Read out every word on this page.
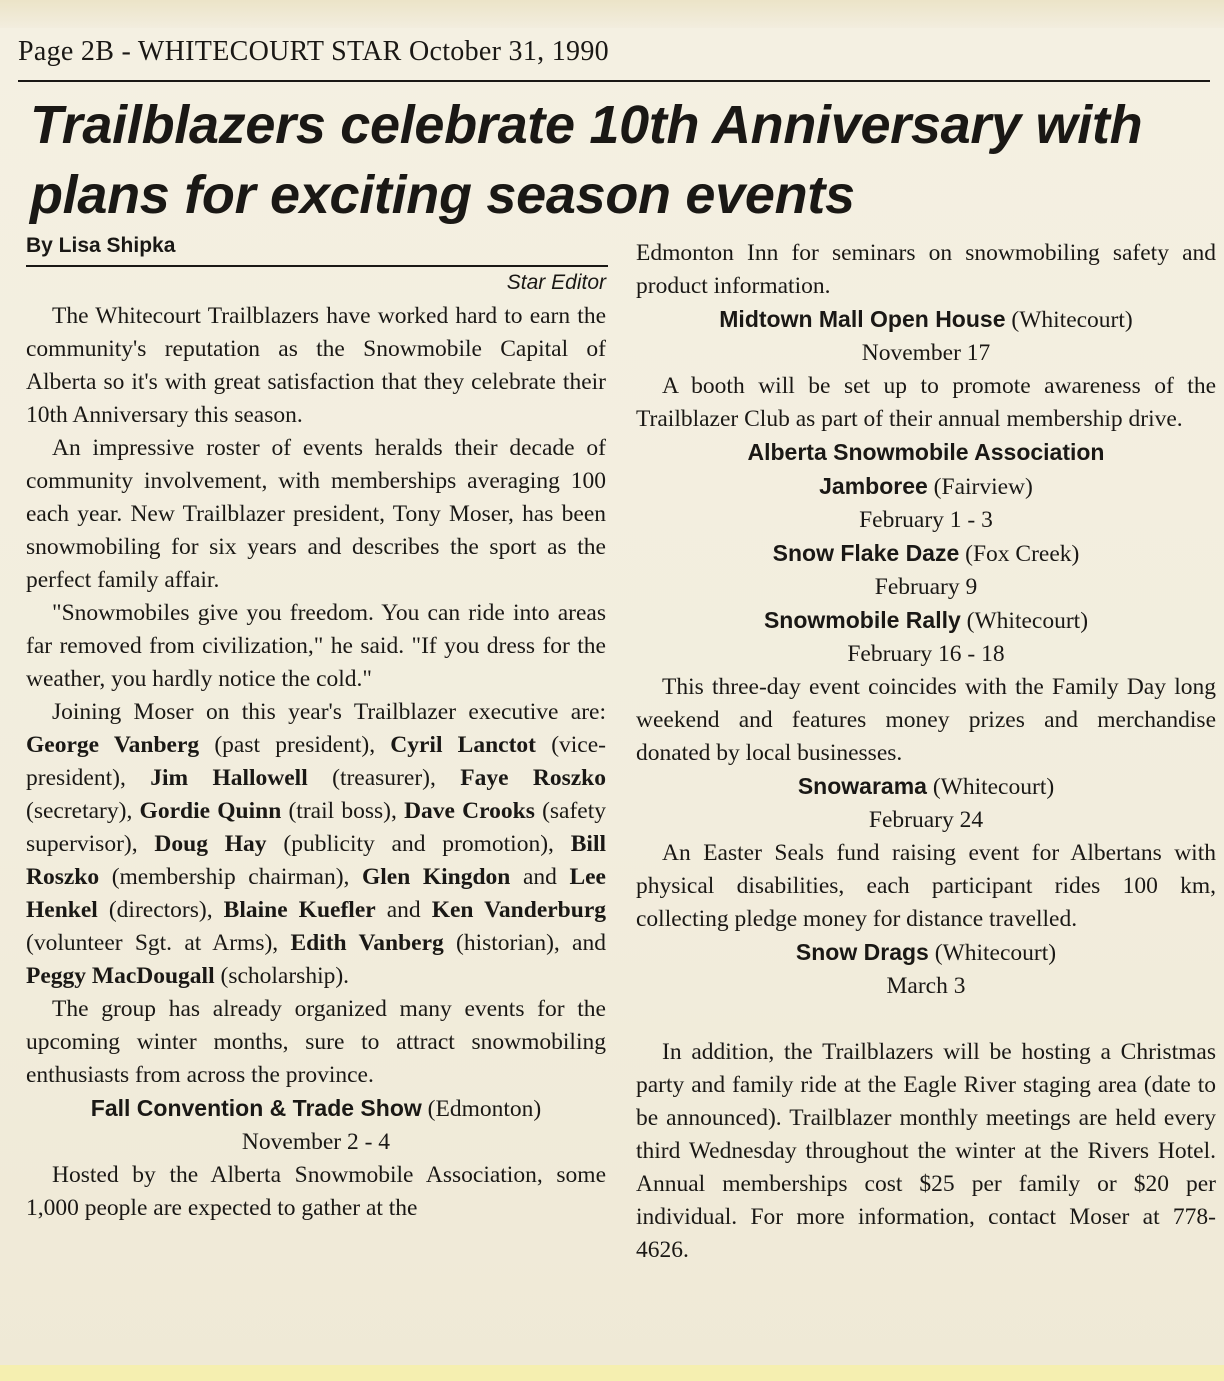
Page 2B - WHITECOURT STAR October 31, 1990
Trailblazers celebrate 10th Anniversary with plans for exciting season events
By Lisa Shipka
Star Editor

The Whitecourt Trailblazers have worked hard to earn the community's reputation as the Snowmobile Capital of Alberta so it's with great satisfaction that they celebrate their 10th Anniversary this season.

An impressive roster of events heralds their decade of community involvement, with memberships averaging 100 each year. New Trailblazer president, Tony Moser, has been snowmobiling for six years and describes the sport as the perfect family affair.

"Snowmobiles give you freedom. You can ride into areas far removed from civilization," he said. "If you dress for the weather, you hardly notice the cold."

Joining Moser on this year's Trailblazer executive are: George Vanberg (past president), Cyril Lanctot (vice-president), Jim Hallowell (treasurer), Faye Roszko (secretary), Gordie Quinn (trail boss), Dave Crooks (safety supervisor), Doug Hay (publicity and promotion), Bill Roszko (membership chairman), Glen Kingdon and Lee Henkel (directors), Blaine Kuefler and Ken Vanderburg (volunteer Sgt. at Arms), Edith Vanberg (historian), and Peggy MacDougall (scholarship).

The group has already organized many events for the upcoming winter months, sure to attract snowmobiling enthusiasts from across the province.

Fall Convention & Trade Show (Edmonton)
November 2 - 4

Hosted by the Alberta Snowmobile Association, some 1,000 people are expected to gather at the

Edmonton Inn for seminars on snowmobiling safety and product information.

Midtown Mall Open House (Whitecourt)
November 17

A booth will be set up to promote awareness of the Trailblazer Club as part of their annual membership drive.

Alberta Snowmobile Association
Jamboree (Fairview)
February 1 - 3
Snow Flake Daze (Fox Creek)
February 9
Snowmobile Rally (Whitecourt)
February 16 - 18

This three-day event coincides with the Family Day long weekend and features money prizes and merchandise donated by local businesses.

Snowarama (Whitecourt)
February 24

An Easter Seals fund raising event for Albertans with physical disabilities, each participant rides 100 km, collecting pledge money for distance travelled.

Snow Drags (Whitecourt)
March 3

In addition, the Trailblazers will be hosting a Christmas party and family ride at the Eagle River staging area (date to be announced). Trailblazer monthly meetings are held every third Wednesday throughout the winter at the Rivers Hotel. Annual memberships cost $25 per family or $20 per individual. For more information, contact Moser at 778-4626.
